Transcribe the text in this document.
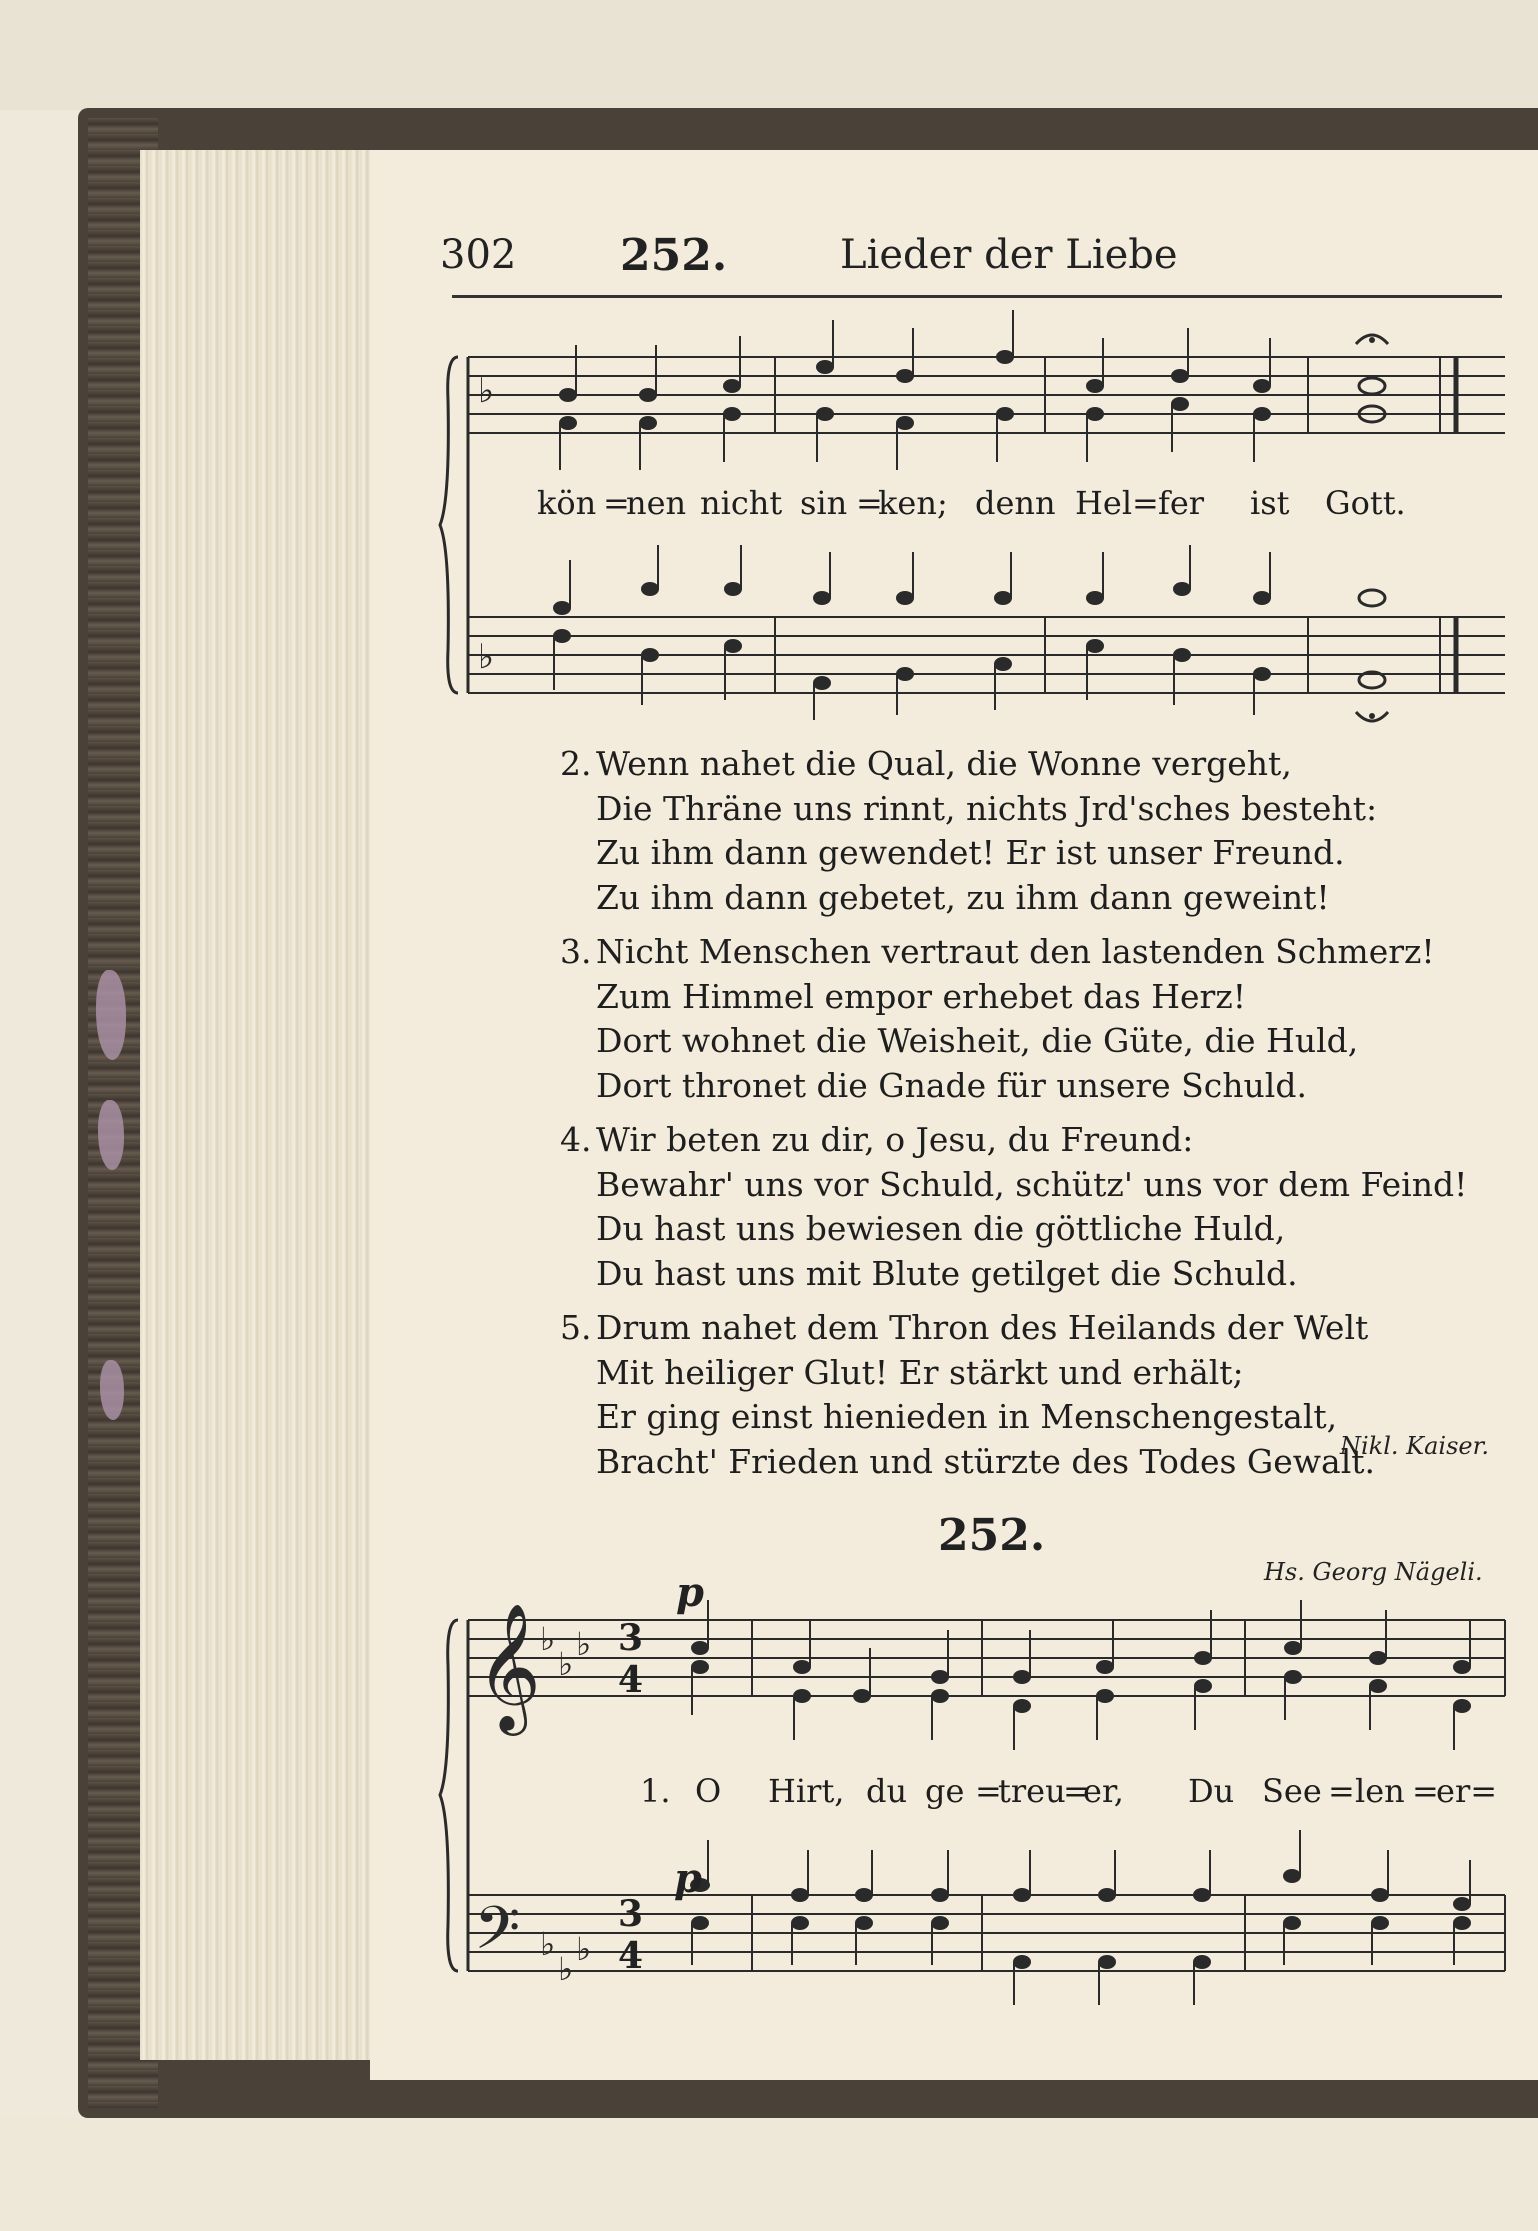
302 252.	Lieder der Liebe
♭
♭
𝄞
𝄢
♭
♭
♭
♭
♭
♭
3
4
3
4
p
p
kön =
nen nicht sin =
ken; denn Hel = fer ist Gott.
2. Wenn nahet die Qual, die Wonne vergeht,
Die Thräne uns rinnt, nichts Jrd'sches besteht:
Zu ihm dann gewendet! Er ist unser Freund.
Zu ihm dann gebetet, zu ihm dann geweint!
3. Nicht Menschen vertraut den lastenden Schmerz!
Zum Himmel empor erhebet das Herz!
Dort wohnet die Weisheit, die Güte, die Huld,
Dort thronet die Gnade für unsere Schuld.
4. Wir beten zu dir, o Jesu, du Freund:
Bewahr' uns vor Schuld, schütz' uns vor dem Feind!
Du hast uns bewiesen die göttliche Huld,
Du hast uns mit Blute getilget die Schuld.
5. Drum nahet dem Thron des Heilands der Welt
Mit heiliger Glut! Er stärkt und erhält;
Er ging einst hienieden in Menschengestalt,
Bracht' Frieden und stürzte des Todes Gewalt.
Nikl. Kaiser.
252.
Hs. Georg Nägeli.
1. O Hirt, du ge =
treu
=
er, Du See = len =
er=
